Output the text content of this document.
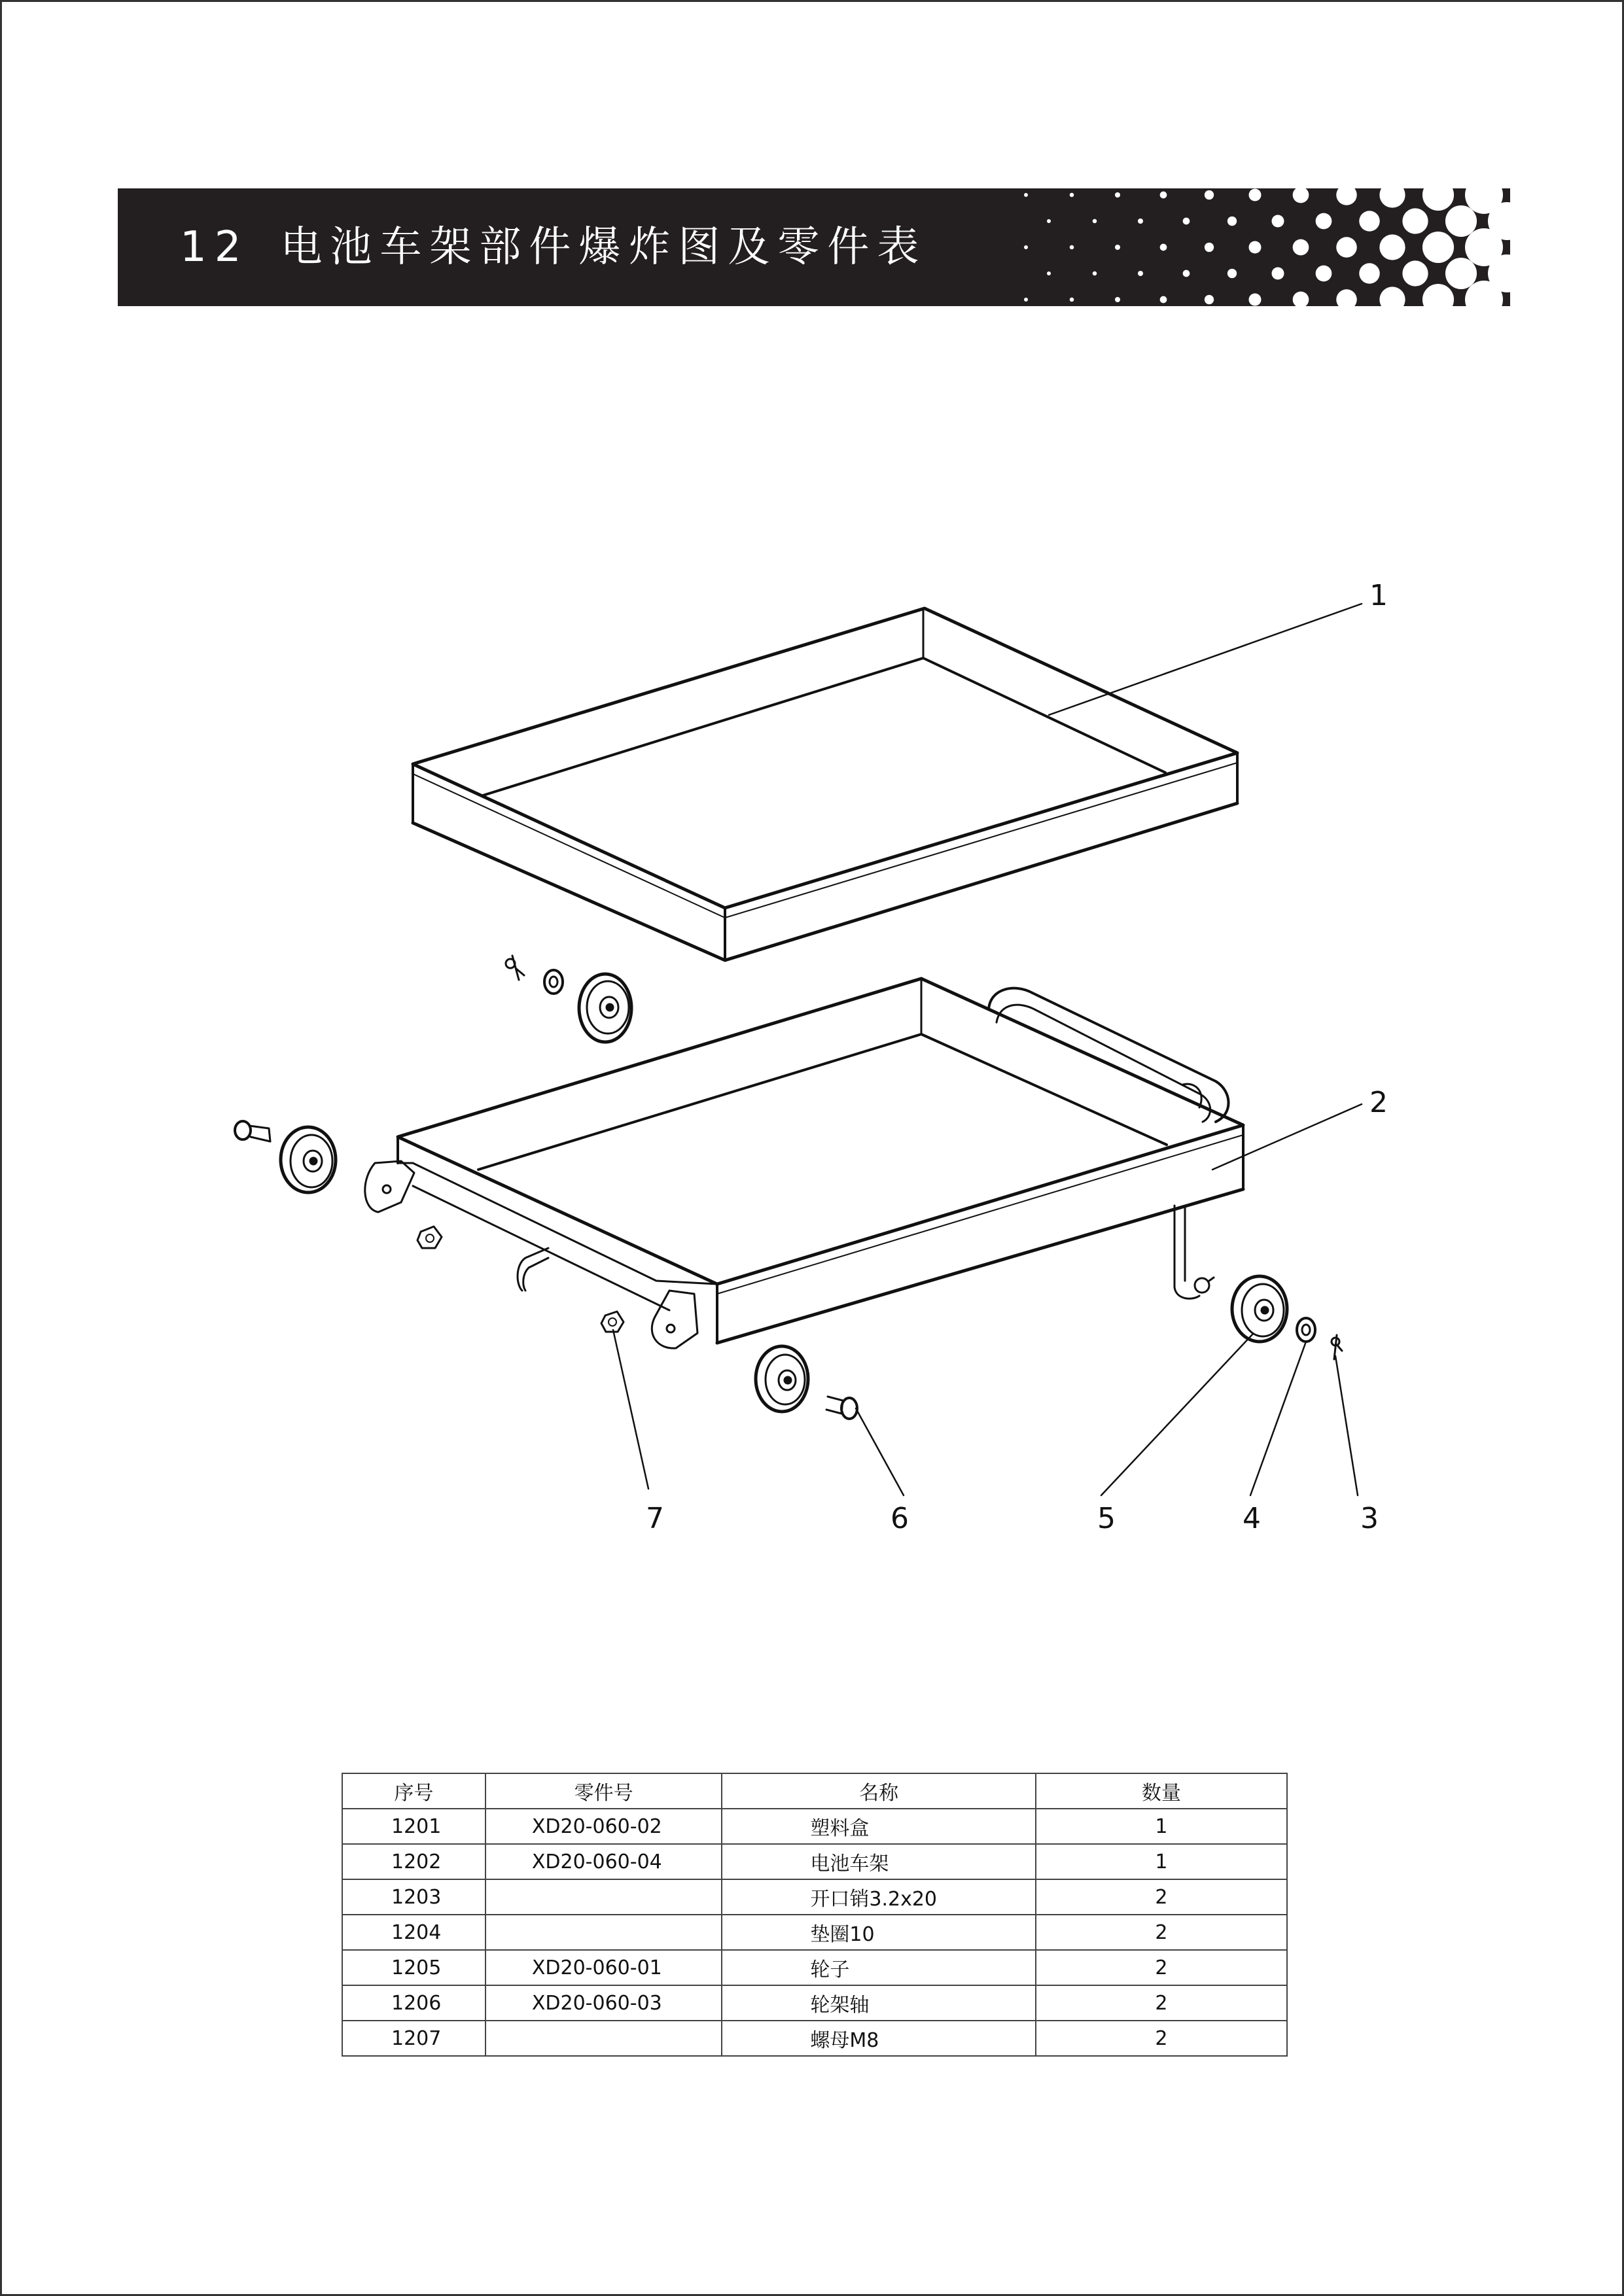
12 电池车架部件爆炸图及零件表
1
2
3
4
5
6
7
序号	零件号	名称	数量
1201	XD20-060-02	塑料盒	1
1202	XD20-060-04	电池车架	1
1203		开口销3.2x20	2
1204		垫圈10	2
1205	XD20-060-01	轮子	2
1206	XD20-060-03	轮架轴	2
1207		螺母M8	2
